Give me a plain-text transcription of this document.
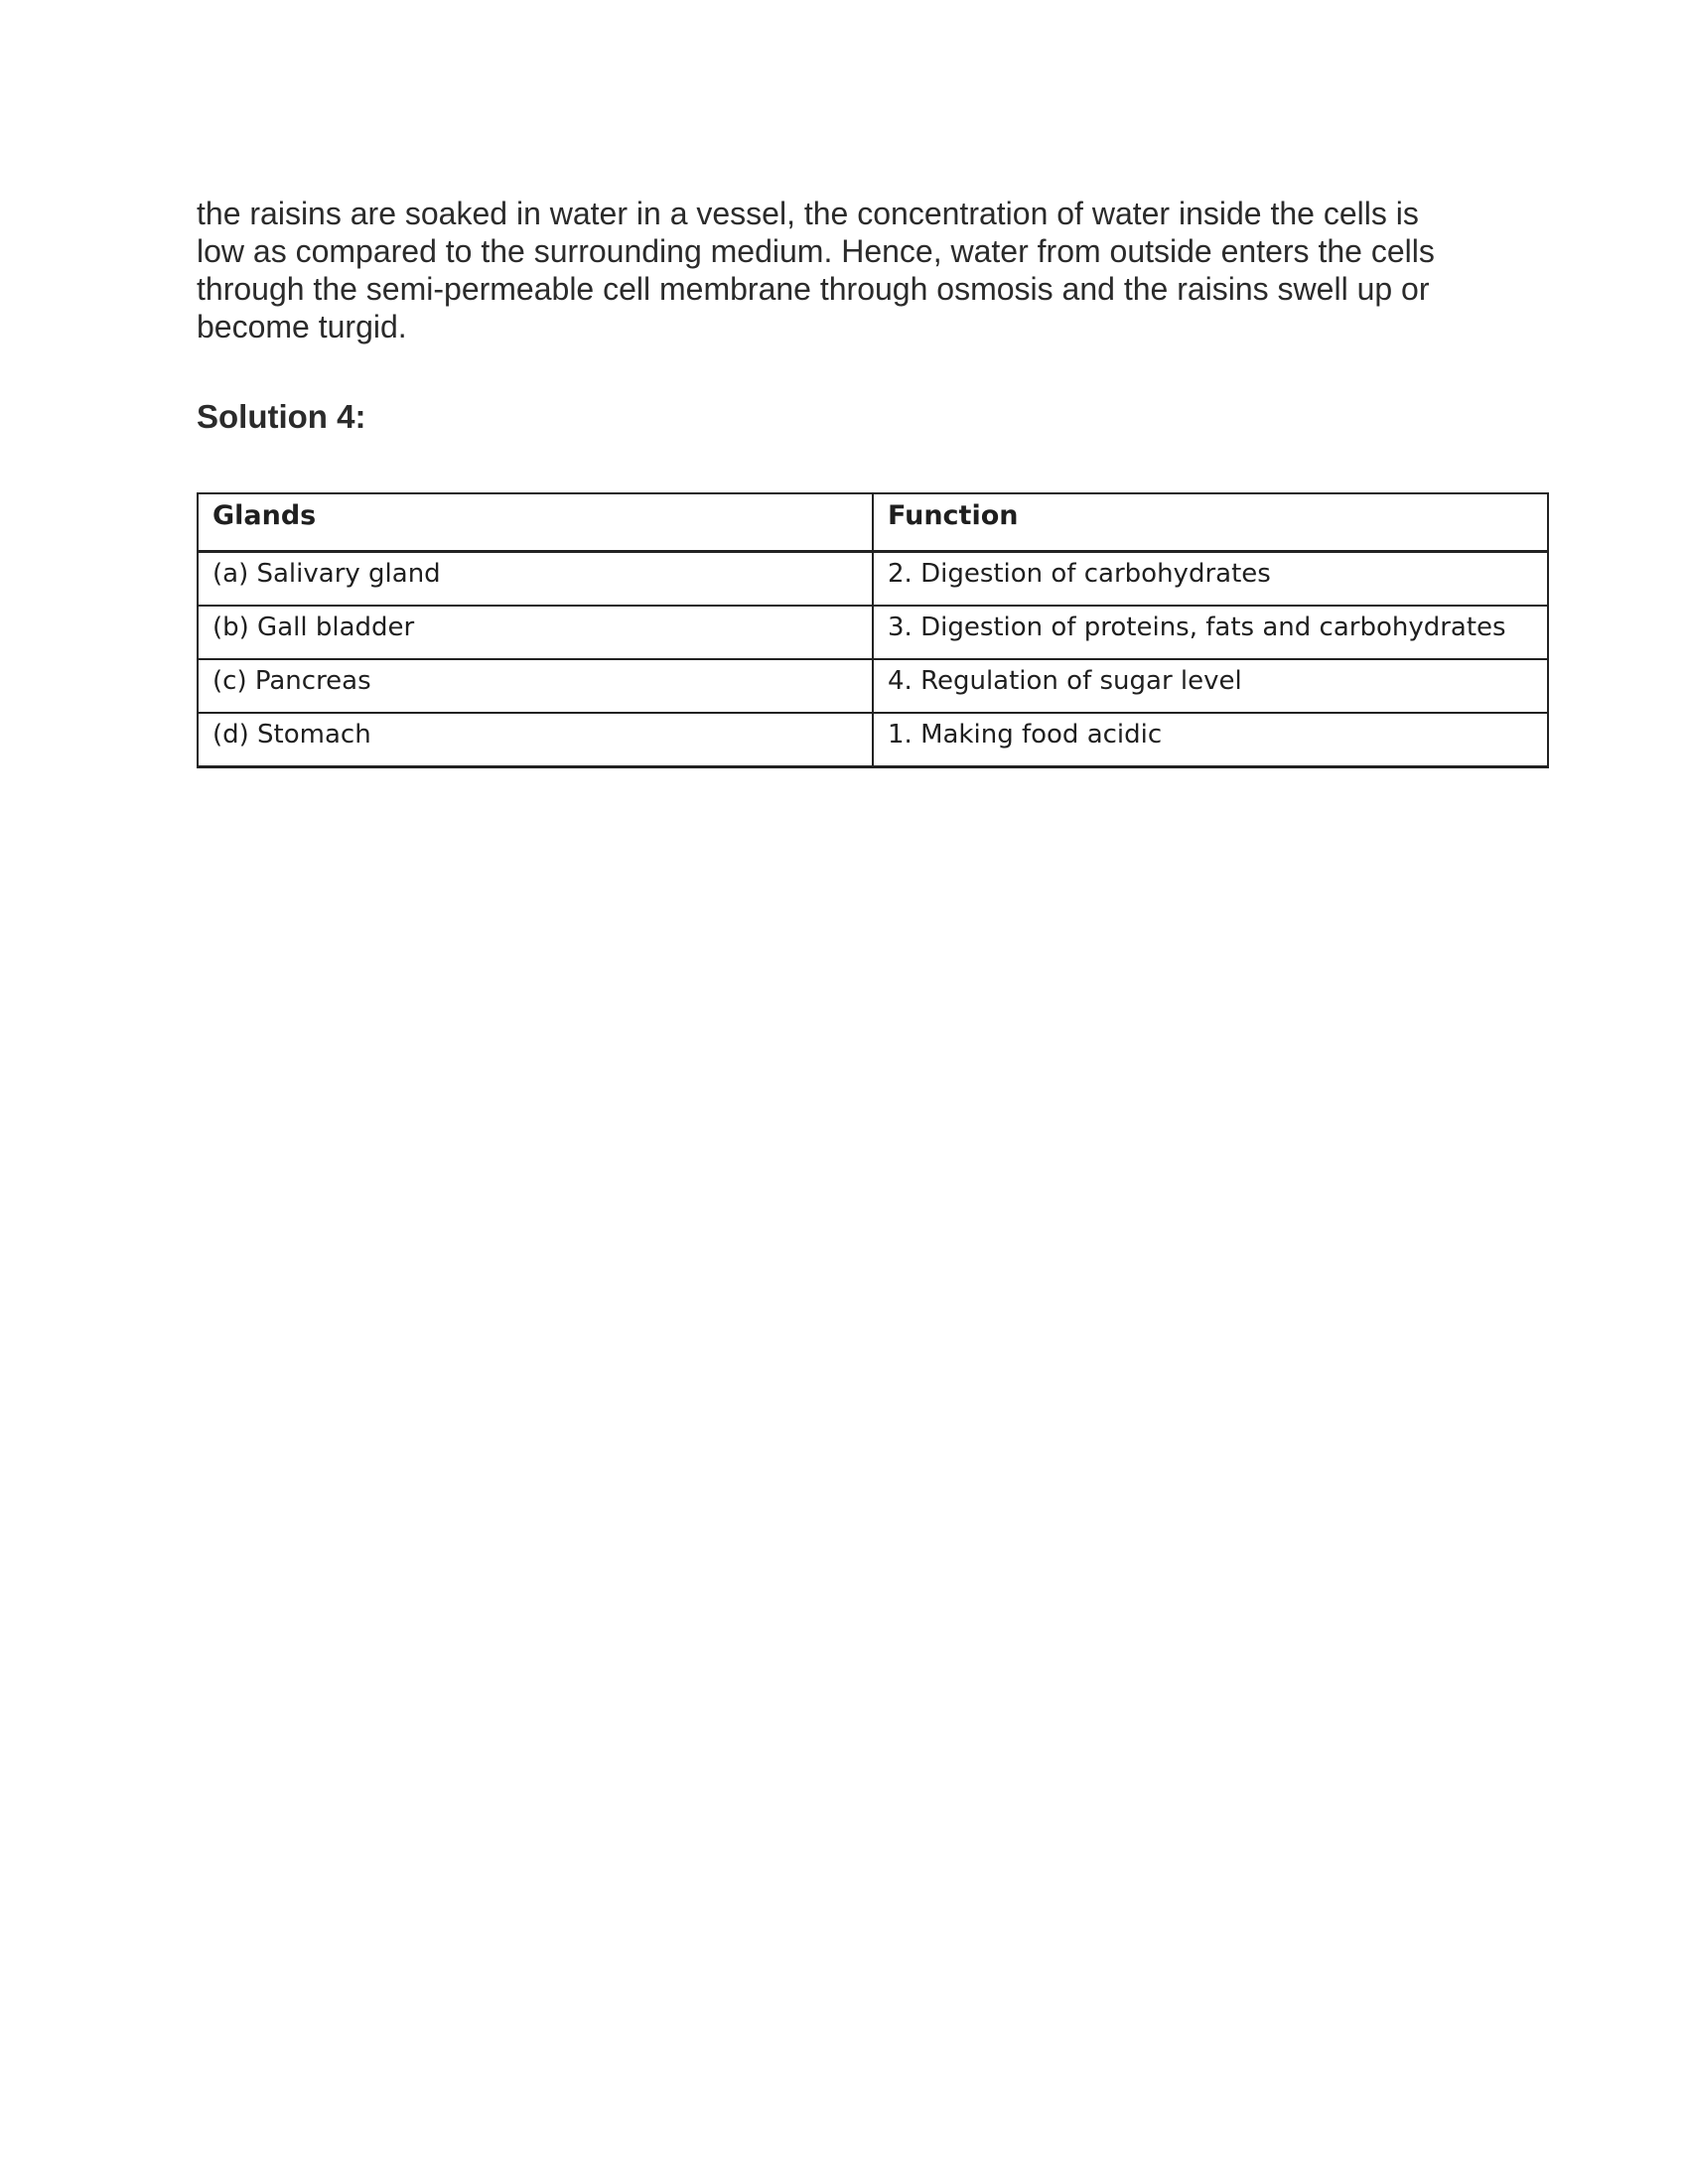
the raisins are soaked in water in a vessel, the concentration of water inside the cells is
low as compared to the surrounding medium. Hence, water from outside enters the cells
through the semi-permeable cell membrane through osmosis and the raisins swell up or
become turgid.

Solution 4:
Glands	Function
(a) Salivary gland	2. Digestion of carbohydrates
(b) Gall bladder	3. Digestion of proteins, fats and carbohydrates
(c) Pancreas	4. Regulation of sugar level
(d) Stomach	1. Making food acidic
